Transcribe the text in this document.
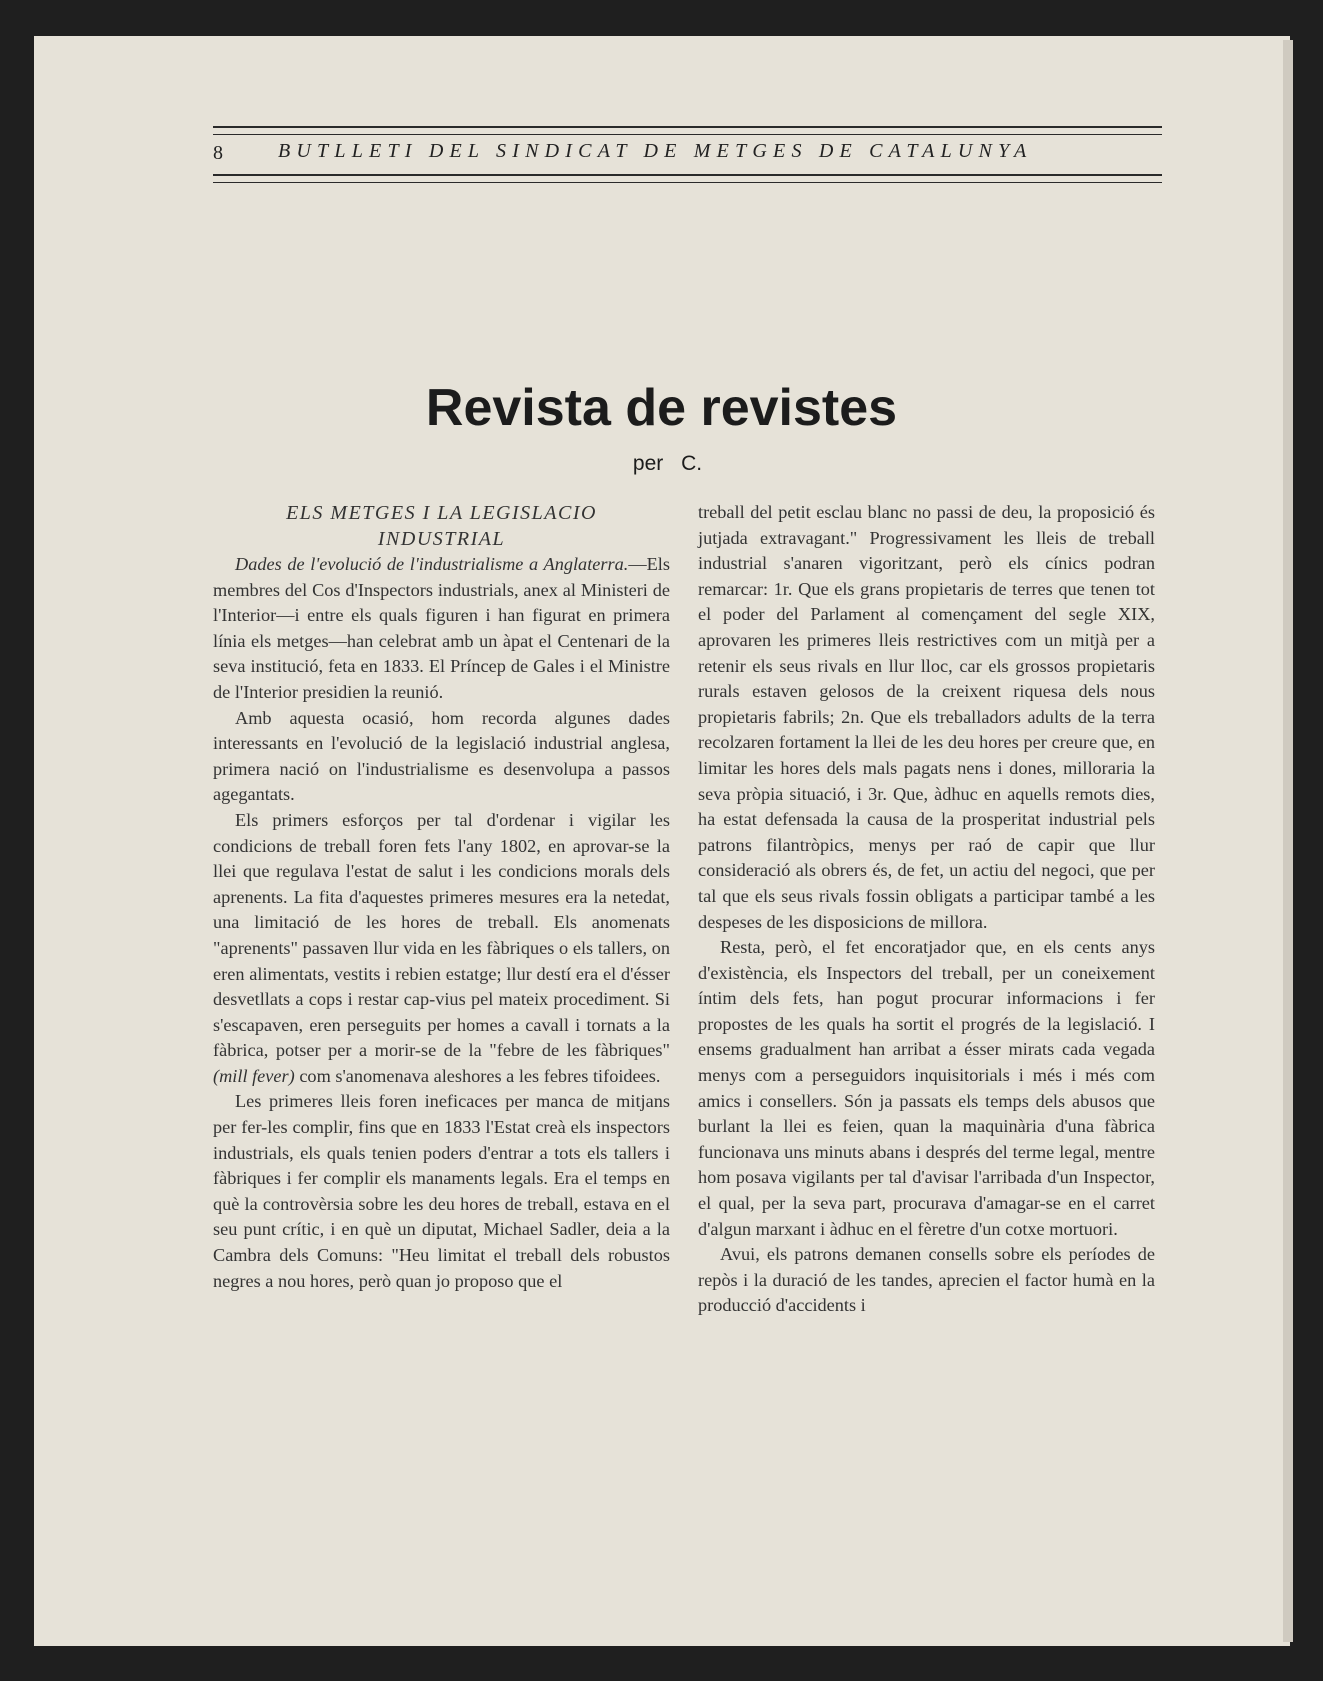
8	BUTLLETI DEL SINDICAT DE METGES DE CATALUNYA
Revista de revistes
per C.

ELS METGES I LA LEGISLACIO
INDUSTRIAL

Dades de l'evolució de l'industrialisme a Anglaterra.—Els membres del Cos d'Inspectors industrials, anex al Ministeri de l'Interior—i entre els quals figuren i han figurat en primera línia els metges—han celebrat amb un àpat el Centenari de la seva institució, feta en 1833. El Príncep de Gales i el Ministre de l'Interior presidien la reunió.

Amb aquesta ocasió, hom recorda algunes dades interessants en l'evolució de la legislació industrial anglesa, primera nació on l'industrialisme es desenvolupa a passos agegantats.

Els primers esforços per tal d'ordenar i vigilar les condicions de treball foren fets l'any 1802, en aprovar-se la llei que regulava l'estat de salut i les condicions morals dels aprenents. La fita d'aquestes primeres mesures era la netedat, una limitació de les hores de treball. Els anomenats "aprenents" passaven llur vida en les fàbriques o els tallers, on eren alimentats, vestits i rebien estatge; llur destí era el d'ésser desvetllats a cops i restar cap-vius pel mateix procediment. Si s'escapaven, eren perseguits per homes a cavall i tornats a la fàbrica, potser per a morir-se de la "febre de les fàbriques" (mill fever) com s'anomenava aleshores a les febres tifoidees.

Les primeres lleis foren ineficaces per manca de mitjans per fer-les complir, fins que en 1833 l'Estat creà els inspectors industrials, els quals tenien poders d'entrar a tots els tallers i fàbriques i fer complir els manaments legals. Era el temps en què la controvèrsia sobre les deu hores de treball, estava en el seu punt crític, i en què un diputat, Michael Sadler, deia a la Cambra dels Comuns: "Heu limitat el treball dels robustos negres a nou hores, però quan jo proposo que el

treball del petit esclau blanc no passi de deu, la proposició és jutjada extravagant." Progressivament les lleis de treball industrial s'anaren vigoritzant, però els cínics podran remarcar: 1r. Que els grans propietaris de terres que tenen tot el poder del Parlament al començament del segle XIX, aprovaren les primeres lleis restrictives com un mitjà per a retenir els seus rivals en llur lloc, car els grossos propietaris rurals estaven gelosos de la creixent riquesa dels nous propietaris fabrils; 2n. Que els treballadors adults de la terra recolzaren fortament la llei de les deu hores per creure que, en limitar les hores dels mals pagats nens i dones, milloraria la seva pròpia situació, i 3r. Que, àdhuc en aquells remots dies, ha estat defensada la causa de la prosperitat industrial pels patrons filantròpics, menys per raó de capir que llur consideració als obrers és, de fet, un actiu del negoci, que per tal que els seus rivals fossin obligats a participar també a les despeses de les disposicions de millora.

Resta, però, el fet encoratjador que, en els cents anys d'existència, els Inspectors del treball, per un coneixement íntim dels fets, han pogut procurar informacions i fer propostes de les quals ha sortit el progrés de la legislació. I ensems gradualment han arribat a ésser mirats cada vegada menys com a perseguidors inquisitorials i més i més com amics i consellers. Són ja passats els temps dels abusos que burlant la llei es feien, quan la maquinària d'una fàbrica funcionava uns minuts abans i després del terme legal, mentre hom posava vigilants per tal d'avisar l'arribada d'un Inspector, el qual, per la seva part, procurava d'amagar-se en el carret d'algun marxant i àdhuc en el fèretre d'un cotxe mortuori.

Avui, els patrons demanen consells sobre els períodes de repòs i la duració de les tandes, aprecien el factor humà en la producció d'accidents i
